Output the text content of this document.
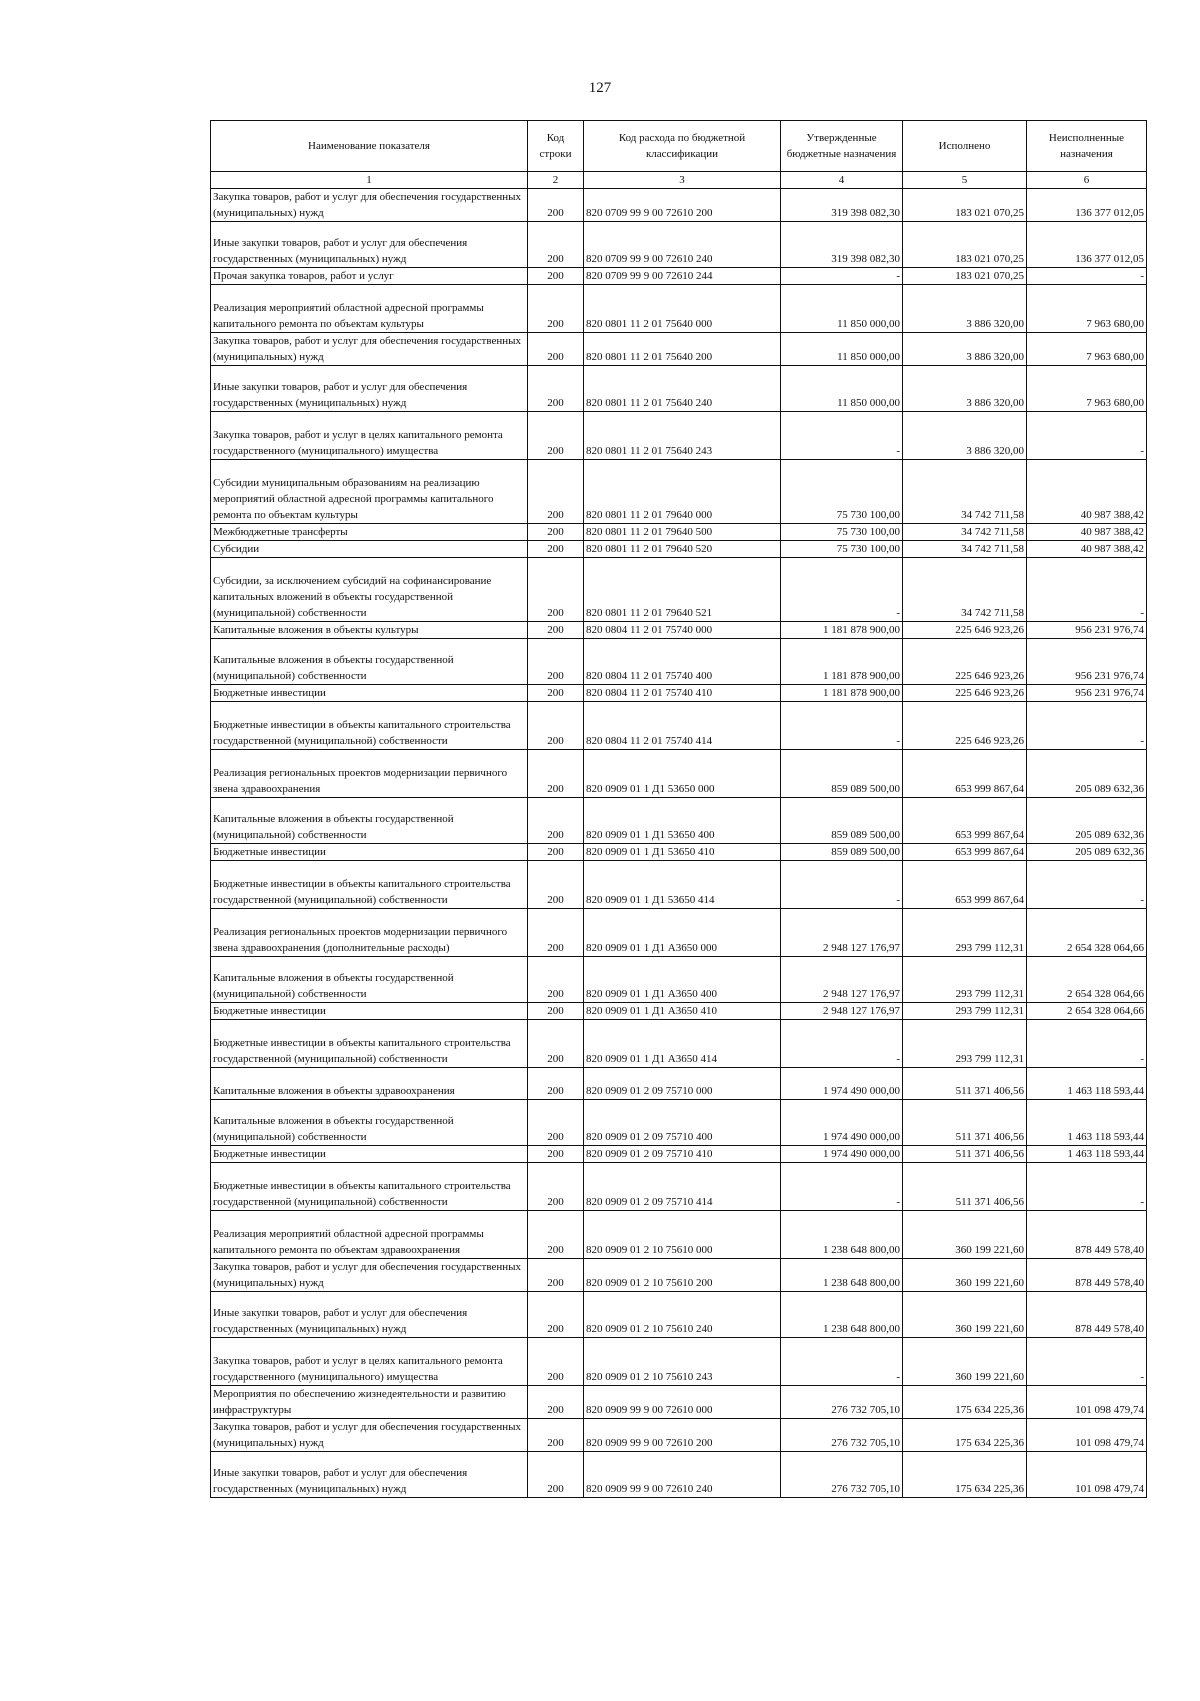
127
Наименование показателя	Код строки	Код расхода по бюджетной классификации	Утвержденные бюджетные назначения	Исполнено	Неисполненные назначения
1	2	3	4	5	6
Закупка товаров, работ и услуг для обеспечения государственных (муниципальных) нужд	200	820 0709 99 9 00 72610 200	319 398 082,30	183 021 070,25	136 377 012,05
Иные закупки товаров, работ и услуг для обеспечения государственных (муниципальных) нужд	200	820 0709 99 9 00 72610 240	319 398 082,30	183 021 070,25	136 377 012,05
Прочая закупка товаров, работ и услуг	200	820 0709 99 9 00 72610 244	-	183 021 070,25	-
Реализация мероприятий областной адресной программы капитального ремонта по объектам культуры	200	820 0801 11 2 01 75640 000	11 850 000,00	3 886 320,00	7 963 680,00
Закупка товаров, работ и услуг для обеспечения государственных (муниципальных) нужд	200	820 0801 11 2 01 75640 200	11 850 000,00	3 886 320,00	7 963 680,00
Иные закупки товаров, работ и услуг для обеспечения государственных (муниципальных) нужд	200	820 0801 11 2 01 75640 240	11 850 000,00	3 886 320,00	7 963 680,00
Закупка товаров, работ и услуг в целях капитального ремонта государственного (муниципального) имущества	200	820 0801 11 2 01 75640 243	-	3 886 320,00	-
Субсидии муниципальным образованиям на реализацию мероприятий областной адресной программы капитального ремонта по объектам культуры	200	820 0801 11 2 01 79640 000	75 730 100,00	34 742 711,58	40 987 388,42
Межбюджетные трансферты	200	820 0801 11 2 01 79640 500	75 730 100,00	34 742 711,58	40 987 388,42
Субсидии	200	820 0801 11 2 01 79640 520	75 730 100,00	34 742 711,58	40 987 388,42
Субсидии, за исключением субсидий на софинансирование капитальных вложений в объекты государственной (муниципальной) собственности	200	820 0801 11 2 01 79640 521	-	34 742 711,58	-
Капитальные вложения в объекты культуры	200	820 0804 11 2 01 75740 000	1 181 878 900,00	225 646 923,26	956 231 976,74
Капитальные вложения в объекты государственной (муниципальной) собственности	200	820 0804 11 2 01 75740 400	1 181 878 900,00	225 646 923,26	956 231 976,74
Бюджетные инвестиции	200	820 0804 11 2 01 75740 410	1 181 878 900,00	225 646 923,26	956 231 976,74
Бюджетные инвестиции в объекты капитального строительства государственной (муниципальной) собственности	200	820 0804 11 2 01 75740 414	-	225 646 923,26	-
Реализация региональных проектов модернизации первичного звена здравоохранения	200	820 0909 01 1 Д1 53650 000	859 089 500,00	653 999 867,64	205 089 632,36
Капитальные вложения в объекты государственной (муниципальной) собственности	200	820 0909 01 1 Д1 53650 400	859 089 500,00	653 999 867,64	205 089 632,36
Бюджетные инвестиции	200	820 0909 01 1 Д1 53650 410	859 089 500,00	653 999 867,64	205 089 632,36
Бюджетные инвестиции в объекты капитального строительства государственной (муниципальной) собственности	200	820 0909 01 1 Д1 53650 414	-	653 999 867,64	-
Реализация региональных проектов модернизации первичного звена здравоохранения (дополнительные расходы)	200	820 0909 01 1 Д1 А3650 000	2 948 127 176,97	293 799 112,31	2 654 328 064,66
Капитальные вложения в объекты государственной (муниципальной) собственности	200	820 0909 01 1 Д1 А3650 400	2 948 127 176,97	293 799 112,31	2 654 328 064,66
Бюджетные инвестиции	200	820 0909 01 1 Д1 А3650 410	2 948 127 176,97	293 799 112,31	2 654 328 064,66
Бюджетные инвестиции в объекты капитального строительства государственной (муниципальной) собственности	200	820 0909 01 1 Д1 А3650 414	-	293 799 112,31	-
Капитальные вложения в объекты здравоохранения	200	820 0909 01 2 09 75710 000	1 974 490 000,00	511 371 406,56	1 463 118 593,44
Капитальные вложения в объекты государственной (муниципальной) собственности	200	820 0909 01 2 09 75710 400	1 974 490 000,00	511 371 406,56	1 463 118 593,44
Бюджетные инвестиции	200	820 0909 01 2 09 75710 410	1 974 490 000,00	511 371 406,56	1 463 118 593,44
Бюджетные инвестиции в объекты капитального строительства государственной (муниципальной) собственности	200	820 0909 01 2 09 75710 414	-	511 371 406,56	-
Реализация мероприятий областной адресной программы капитального ремонта по объектам здравоохранения	200	820 0909 01 2 10 75610 000	1 238 648 800,00	360 199 221,60	878 449 578,40
Закупка товаров, работ и услуг для обеспечения государственных (муниципальных) нужд	200	820 0909 01 2 10 75610 200	1 238 648 800,00	360 199 221,60	878 449 578,40
Иные закупки товаров, работ и услуг для обеспечения государственных (муниципальных) нужд	200	820 0909 01 2 10 75610 240	1 238 648 800,00	360 199 221,60	878 449 578,40
Закупка товаров, работ и услуг в целях капитального ремонта государственного (муниципального) имущества	200	820 0909 01 2 10 75610 243	-	360 199 221,60	-
Мероприятия по обеспечению жизнедеятельности и развитию инфраструктуры	200	820 0909 99 9 00 72610 000	276 732 705,10	175 634 225,36	101 098 479,74
Закупка товаров, работ и услуг для обеспечения государственных (муниципальных) нужд	200	820 0909 99 9 00 72610 200	276 732 705,10	175 634 225,36	101 098 479,74
Иные закупки товаров, работ и услуг для обеспечения государственных (муниципальных) нужд	200	820 0909 99 9 00 72610 240	276 732 705,10	175 634 225,36	101 098 479,74
